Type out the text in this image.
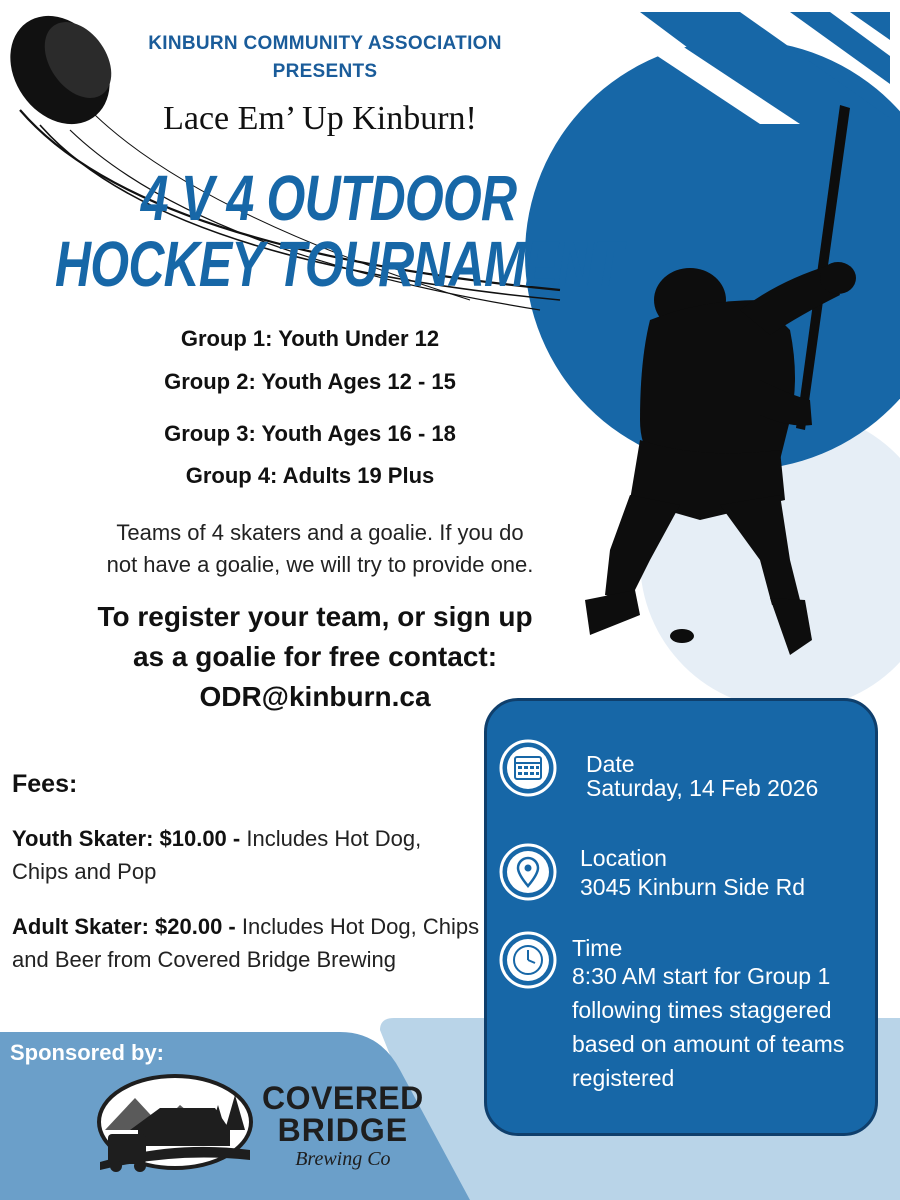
KINBURN COMMUNITY ASSOCIATION
PRESENTS
Lace Em’ Up Kinburn!
4 V 4 OUTDOOR
HOCKEY TOURNAMENT
Group 1: Youth Under 12
Group 2: Youth Ages 12 - 15
Group 3: Youth Ages 16 - 18
Group 4: Adults 19 Plus
Teams of 4 skaters and a goalie. If you do
not have a goalie, we will try to provide one.
To register your team, or sign up
as a goalie for free contact:
ODR@kinburn.ca
Fees:
Youth Skater: $10.00 - Includes Hot Dog, Chips and Pop
Adult Skater: $20.00 - Includes Hot Dog, Chips and Beer from Covered Bridge Brewing
Sponsored by:
COVERED
BRIDGE
Brewing Co
Date
Saturday, 14 Feb 2026
Location
3045 Kinburn Side Rd
Time
8:30 AM start for Group 1 following times staggered based on amount of teams registered
